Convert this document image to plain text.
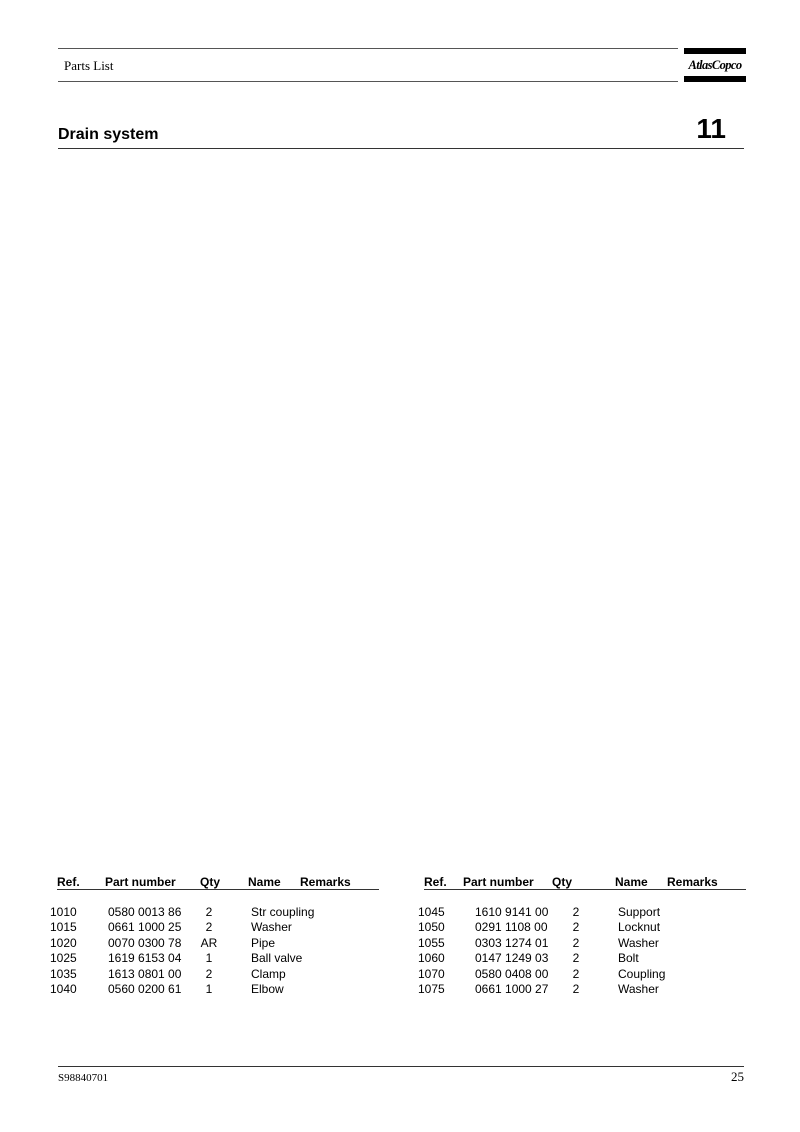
Parts List	AtlasCopco
Drain system	11
Ref. Part number Qty Name Remarks
1010	0580 0013 86	2	Str coupling
1015	0661 1000 25	2	Washer
1020	0070 0300 78	AR	Pipe
1025	1619 6153 04	1	Ball valve
1035	1613 0801 00	2	Clamp
1040	0560 0200 61	1	Elbow
Ref. Part number Qty	Name Remarks
1045	1610 9141 00	2	Support
1050	0291 1108 00	2	Locknut
1055	0303 1274 01	2	Washer
1060	0147 1249 03	2	Bolt
1070	0580 0408 00	2	Coupling
1075	0661 1000 27	2	Washer
S98840701	25
